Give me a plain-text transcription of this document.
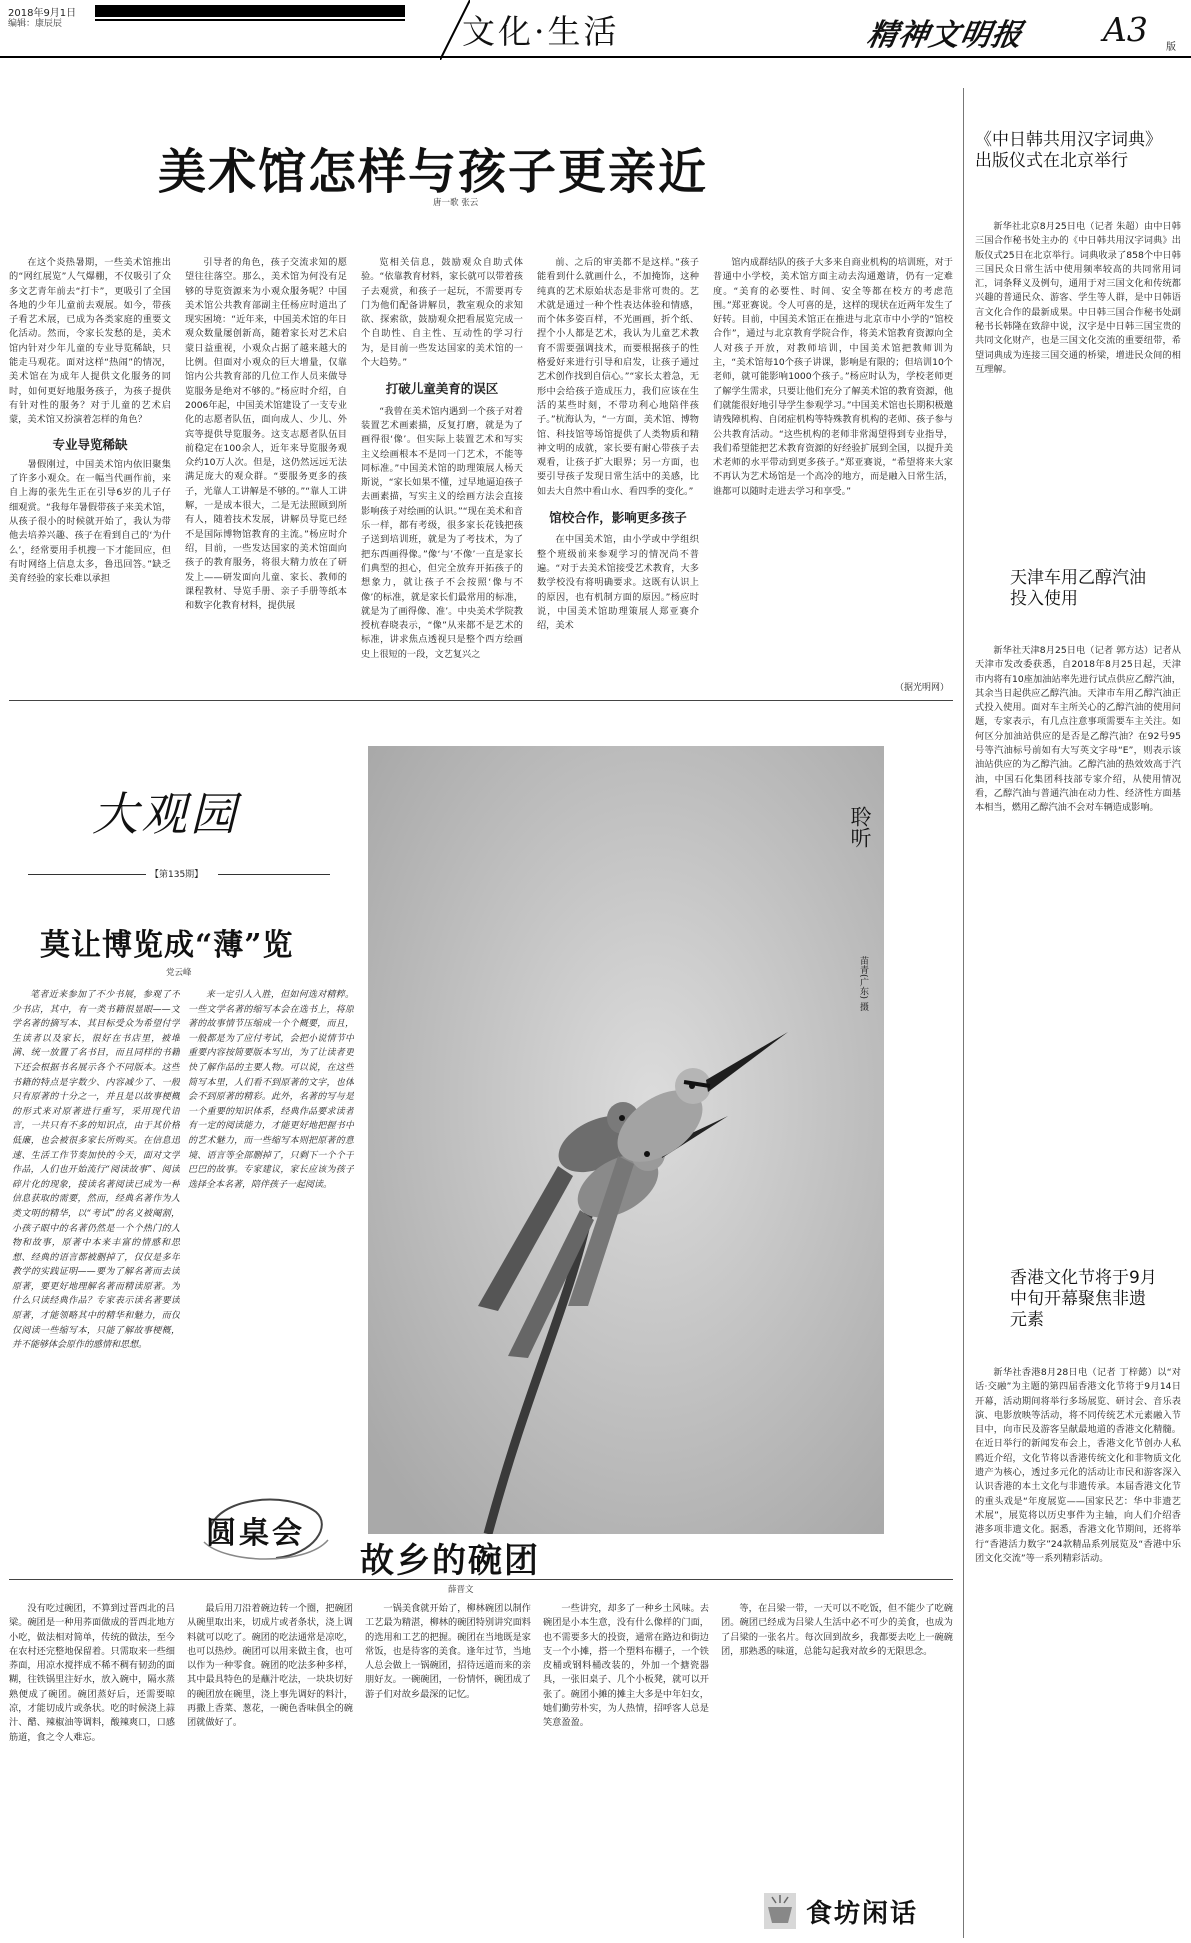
2018年9月1日
编辑：康辰辰	文化·生活	精神文明报 A3 版
美术馆怎样与孩子更亲近
唐一歌 张云

在这个炎热暑期，一些美术馆推出的“网红展览”人气爆棚，不仅吸引了众多文艺青年前去“打卡”，更吸引了全国各地的少年儿童前去观展。如今，带孩子看艺术展，已成为各类家庭的重要文化活动。然而，令家长发愁的是，美术馆内针对少年儿童的专业导览稀缺，只能走马观花。面对这样“热闹”的情况，美术馆在为成年人提供文化服务的同时，如何更好地服务孩子，为孩子提供有针对性的服务？对于儿童的艺术启蒙，美术馆又扮演着怎样的角色？

专业导览稀缺

暑假刚过，中国美术馆内依旧聚集了许多小观众。在一幅当代画作前，来自上海的张先生正在引导6岁的儿子仔细观赏。“我每年暑假带孩子来美术馆，从孩子很小的时候就开始了，我认为带他去培养兴趣、孩子在看到自己的‘为什么’，经常要用手机搜一下才能回应，但有时网络上信息太多，鲁迅回答。”缺乏美育经验的家长难以承担

引导者的角色，孩子交流求知的愿望往往落空。那么，美术馆为何没有足够的导览资源来为小观众服务呢？中国美术馆公共教育部副主任杨应时道出了现实困境：“近年来，中国美术馆的年日观众数量屡创新高，随着家长对艺术启蒙日益重视，小观众占据了越来越大的比例。但面对小观众的巨大增量，仅靠馆内公共教育部的几位工作人员来做导览服务是绝对不够的。”杨应时介绍，自2006年起，中国美术馆建设了一支专业化的志愿者队伍，面向成人、少儿、外宾等提供导览服务。这支志愿者队伍目前稳定在100余人，近年来导览服务观众约10万人次。但是，这仍然远远无法满足庞大的观众群。“要服务更多的孩子，光靠人工讲解是不够的。”“靠人工讲解，一是成本很大，二是无法照顾到所有人，随着技术发展，讲解员导览已经不是国际博物馆教育的主流。”杨应时介绍，目前，一些发达国家的美术馆面向孩子的教育服务，将很大精力放在了研发上——研发面向儿童、家长、教师的课程教材、导览手册、亲子手册等纸本和数字化教育材料，提供展

览相关信息，鼓励观众自助式体验。“依靠教育材料，家长就可以带着孩子去观赏，和孩子一起玩，不需要再专门为他们配备讲解员，教室观众的求知欲、探索欲，鼓励观众把看展览完成一个自助性、自主性、互动性的学习行为，是目前一些发达国家的美术馆的一个大趋势。”

打破儿童美育的误区

“我曾在美术馆内遇到一个孩子对着装置艺术画素描，反复打磨，就是为了画得很‘像’。但实际上装置艺术和写实主义绘画根本不是同一门艺术，不能等同标准。”中国美术馆的助理策展人杨天斯说，“家长如果不懂，过早地逼迫孩子去画素描，写实主义的绘画方法会直接影响孩子对绘画的认识。”“现在美术和音乐一样，都有考级，很多家长花钱把孩子送到培训班，就是为了考技术，为了把东西画得像。”像‘与’不像’一直是家长们典型的担心，但完全放弃开拓孩子的想象力，就让孩子不会按照‘像与不像’的标准，就是家长们最常用的标准，就是为了画得像、准’。中央美术学院教授杭春晓表示，“像”从来都不是艺术的标准，讲求焦点透视只是整个西方绘画史上很短的一段，文艺复兴之

前、之后的审美都不是这样。”孩子能看到什么就画什么，不加掩饰，这种纯真的艺术原始状态是非常可贵的。艺术就是通过一种个性表达体验和情感，而个体多姿百样，不光画画，折个纸、捏个小人都是艺术，我认为儿童艺术教育不需要强调技术，而要根据孩子的性格爱好来进行引导和启发，让孩子通过艺术创作找到自信心。”“家长太着急，无形中会给孩子造成压力，我们应该在生活的某些时刻，不带功利心地陪伴孩子。”杭海认为，“一方面，美术馆、博物馆、科技馆等场馆提供了人类物质和精神文明的成就，家长要有耐心带孩子去观看，让孩子扩大眼界；另一方面，也要引导孩子发现日常生活中的美感，比如去大自然中看山水、看四季的变化。”

馆校合作，影响更多孩子

在中国美术馆，由小学或中学组织整个班级前来参观学习的情况尚不普遍。“对于去美术馆接受艺术教育，大多数学校没有将明确要求。这既有认识上的原因，也有机制方面的原因。”杨应时说，中国美术馆助理策展人郑亚赛介绍，美术

馆内成群结队的孩子大多来自商业机构的培训班，对于普通中小学校，美术馆方面主动去沟通邀请，仍有一定难度。“美育的必要性、时间、安全等都在校方的考虑范围。”郑亚赛说。令人可喜的是，这样的现状在近两年发生了好转。目前，中国美术馆正在推进与北京市中小学的“馆校合作”，通过与北京教育学院合作，将美术馆教育资源向全人对孩子开放，对教师培训，中国美术馆把教师训为主，“美术馆每10个孩子讲课，影响是有限的；但培训10个老师，就可能影响1000个孩子。”杨应时认为，学校老师更了解学生需求，只要让他们充分了解美术馆的教育资源，他们就能很好地引导学生参观学习。”中国美术馆也长期积极邀请残障机构、自闭症机构等特殊教育机构的老师、孩子参与公共教育活动。“这些机构的老师非常渴望得到专业指导，我们希望能把艺术教育资源的好经验扩展到全国，以提升美术老师的水平带动到更多孩子。”郑亚赛说，“希望将来大家不再认为艺术场馆是一个高冷的地方，而是融入日常生活，谁都可以随时走进去学习和享受。”

（据光明网）
大观园
【第135期】
莫让博览成“薄”览
党云峰

笔者近来参加了不少书展，参观了不少书店，其中，有一类书籍很显眼——文学名著的摘写本、其目标受众为希望付学生读者以及家长，很好在书店里，被堆满、统一放置了名书目，而且同样的书籍下还会根据书名展示各个不同版本。这些书籍的特点是字数少、内容减少了、一般只有原著的十分之一，并且是以故事梗概的形式来对原著进行重写，采用现代语言，一共只有不多的知识点，由于其价格低廉，也会被很多家长所购买。在信息迅速、生活工作节奏加快的今天，面对文学作品，人们也开始流行“阅读故事”、阅读碎片化的现象，接读名著阅读已成为一种信息获取的需要，然而，经典名著作为人类文明的精华，以“考试”的名义被阉割，小孩子眼中的名著仍然是一个个热门的人物和故事，原著中本来丰富的情感和思想、经典的语言都被删掉了，仅仅是多年教学的实践证明——要为了解名著而去读原著，要更好地理解名著而精读原著。为什么只读经典作品？专家表示读名著要读原著，才能领略其中的精华和魅力，而仅仅阅读一些缩写本，只能了解故事梗概，并不能够体会原作的感情和思想。

来一定引人入胜，但如何选对精粹。一些文学名著的缩写本会在选书上，将原著的故事情节压缩成一个个概要，而且，一般都是为了应付考试，会把小说情节中重要内容按简要版本写出，为了让读者更快了解作品的主要人物。可以说，在这些简写本里，人们看不到原著的文字，也体会不到原著的精彩。此外，名著的写与是一个重要的知识体系，经典作品要求读者有一定的阅读能力，才能更好地把握书中的艺术魅力，而一些缩写本则把原著的意境、语言等全部删掉了，只剩下一个个干巴巴的故事。专家建议，家长应该为孩子选择全本名著，陪伴孩子一起阅读。

圆桌会
聆听
苗青(广东) 摄
故乡的碗团
薛晋文

没有吃过碗团，不算到过晋西北的吕梁。碗团是一种用荞面做成的晋西北地方小吃，做法相对简单，传统的做法，至今在农村还完整地保留着。只需取来一些细荞面，用凉水搅拌成不稀不稠有韧劲的面糊，往铁锅里注好水，放入碗中，隔水蒸熟便成了碗团。碗团蒸好后，还需要晾凉，才能切成片或条状。吃的时候浇上蒜汁、醋、辣椒油等调料，酸辣爽口，口感筋道，食之令人难忘。

最后用刀沿着碗边转一个圈，把碗团从碗里取出来，切成片或者条状，浇上调料就可以吃了。碗团的吃法通常是凉吃，也可以热炒。碗团可以用来做主食，也可以作为一种零食。碗团的吃法多种多样，其中最具特色的是蘸汁吃法，一块块切好的碗团放在碗里，浇上事先调好的料汁，再撒上香菜、葱花，一碗色香味俱全的碗团就做好了。

一锅美食就开始了，柳林碗团以制作工艺最为精湛，柳林的碗团特别讲究面料的选用和工艺的把握。碗团在当地既是家常饭，也是待客的美食。逢年过节，当地人总会做上一锅碗团，招待远道而来的亲朋好友。一碗碗团，一份情怀，碗团成了游子们对故乡最深的记忆。

一些讲究，却多了一种乡土风味。去碗团是小本生意，没有什么像样的门面，也不需要多大的投资，通常在路边和街边支一个小摊，搭一个塑料布棚子，一个铁皮桶或钢料桶改装的，外加一个搪瓷器具，一张旧桌子、几个小板凳，就可以开张了。碗团小摊的摊主大多是中年妇女，她们勤劳朴实，为人热情，招呼客人总是笑意盈盈。

等，在吕梁一带，一天可以不吃饭，但不能少了吃碗团。碗团已经成为吕梁人生活中必不可少的美食，也成为了吕梁的一张名片。每次回到故乡，我都要去吃上一碗碗团，那熟悉的味道，总能勾起我对故乡的无限思念。

食坊闲话
《中日韩共用汉字词典》出版仪式在北京举行

新华社北京8月25日电（记者 朱超）由中日韩三国合作秘书处主办的《中日韩共用汉字词典》出版仪式25日在北京举行。词典收录了858个中日韩三国民众日常生活中使用频率较高的共同常用词汇，词条释义及例句，通用于对三国文化和传统都兴趣的普通民众、游客、学生等人群，是中日韩语言文化合作的最新成果。中日韩三国合作秘书处副秘书长韩隆在致辞中说，汉字是中日韩三国宝贵的共同文化财产，也是三国文化交流的重要纽带，希望词典成为连接三国交通的桥梁，增进民众间的相互理解。

天津车用乙醇汽油投入使用

新华社天津8月25日电（记者 郭方达）记者从天津市发改委获悉，自2018年8月25日起，天津市内将有10座加油站率先进行试点供应乙醇汽油，其余当日起供应乙醇汽油。天津市车用乙醇汽油正式投入使用。面对车主所关心的乙醇汽油的使用问题，专家表示，有几点注意事项需要车主关注。如何区分加油站供应的是否是乙醇汽油？在92号95号等汽油标号前如有大写英文字母“E”，则表示该油站供应的为乙醇汽油。乙醇汽油的热效效高于汽油，中国石化集团科技部专家介绍，从使用情况看，乙醇汽油与普通汽油在动力性、经济性方面基本相当，燃用乙醇汽油不会对车辆造成影响。

香港文化节将于9月中旬开幕聚焦非遗元素

新华社香港8月28日电（记者 丁梓懿）以“对话·交融”为主题的第四届香港文化节将于9月14日开幕，活动期间将举行多场展览、研讨会、音乐表演、电影放映等活动，将不同传统艺术元素融入节目中，向市民及游客呈献最地道的香港文化精髓。在近日举行的新闻发布会上，香港文化节创办人私鸥近介绍，文化节将以香港传统文化和非物质文化遗产为核心，透过多元化的活动让市民和游客深入认识香港的本土文化与非遗传承。本届香港文化节的重头戏是“年度展览——国家民艺：华中非遗艺术展”，展览将以历史事件为主轴，向人们介绍香港多项非遗文化。据悉，香港文化节期间，还将举行“香港活力数字”24款精品系列展览及“香港中乐团文化交流”等一系列精彩活动。
